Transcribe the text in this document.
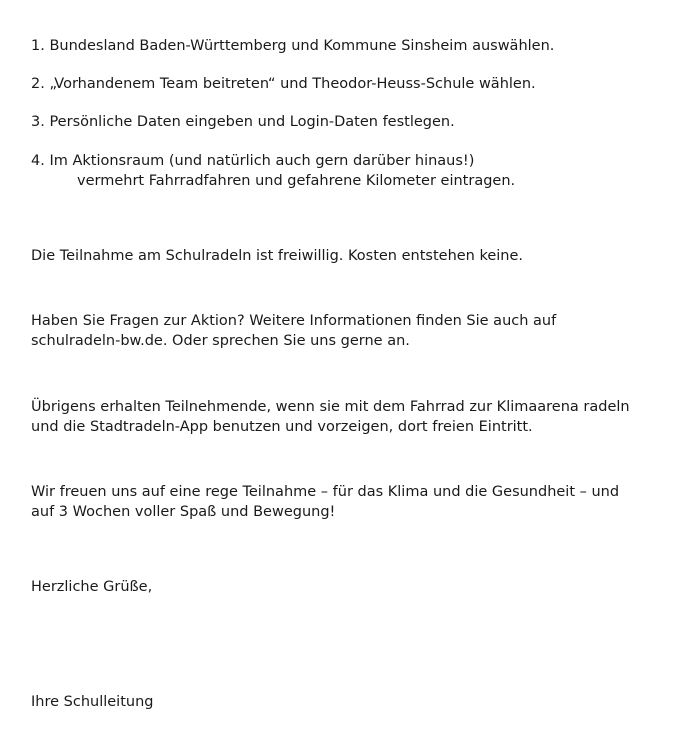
1. Bundesland Baden-Württemberg und Kommune Sinsheim auswählen.
2. „Vorhandenem Team beitreten“ und Theodor-Heuss-Schule wählen.
3. Persönliche Daten eingeben und Login-Daten festlegen.
4. Im Aktionsraum (und natürlich auch gern darüber hinaus!)
vermehrt Fahrradfahren und gefahrene Kilometer eintragen.
Die Teilnahme am Schulradeln ist freiwillig. Kosten entstehen keine.
Haben Sie Fragen zur Aktion? Weitere Informationen finden Sie auch auf
schulradeln-bw.de. Oder sprechen Sie uns gerne an.
Übrigens erhalten Teilnehmende, wenn sie mit dem Fahrrad zur Klimaarena radeln
und die Stadtradeln-App benutzen und vorzeigen, dort freien Eintritt.
Wir freuen uns auf eine rege Teilnahme – für das Klima und die Gesundheit – und
auf 3 Wochen voller Spaß und Bewegung!
Herzliche Grüße,
Ihre Schulleitung
